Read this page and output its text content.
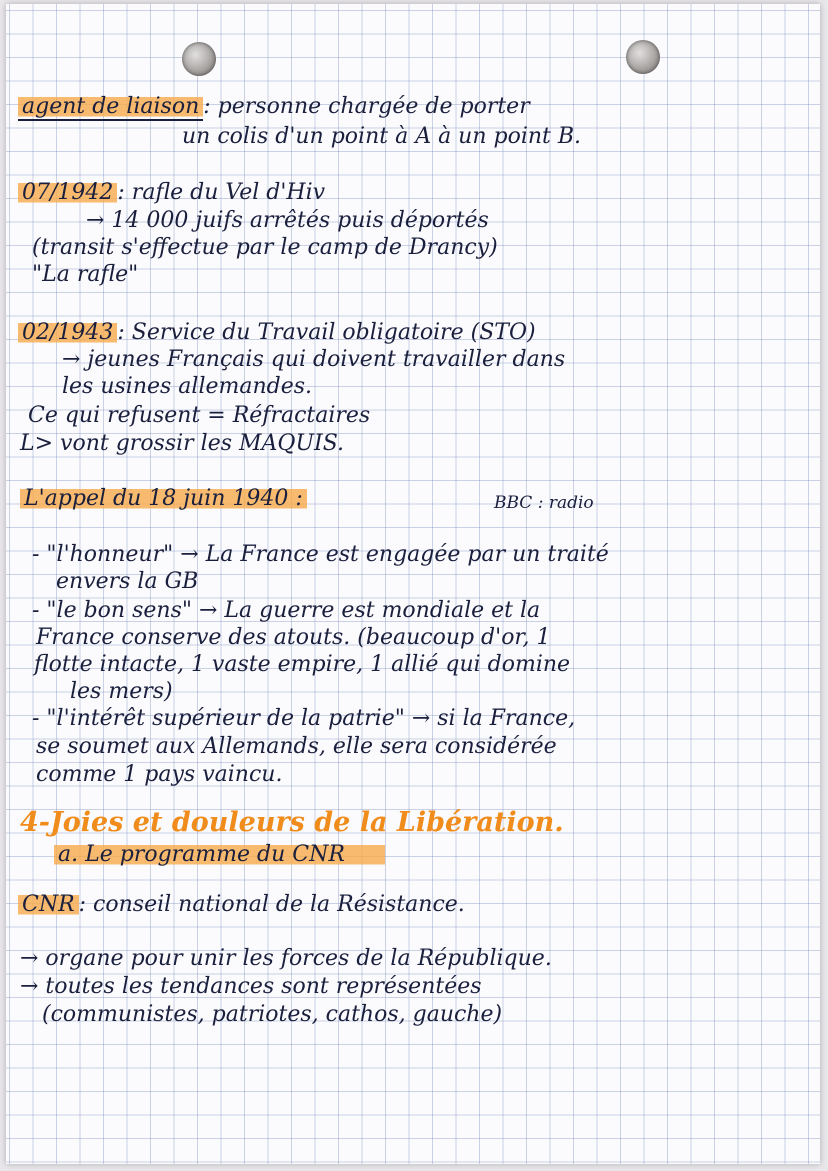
agent de liaison : personne chargée de porter
un colis d'un point à A à un point B.
07/1942 : rafle du Vel d'Hiv
→ 14 000 juifs arrêtés puis déportés
(transit s'effectue par le camp de Drancy)
"La rafle"
02/1943 : Service du Travail obligatoire (STO)
→ jeunes Français qui doivent travailler dans
les usines allemandes.
Ce qui refusent = Réfractaires
L> vont grossir les MAQUIS.
L'appel du 18 juin 1940 :	BBC : radio
- "l'honneur" → La France est engagée par un traité
envers la GB
- "le bon sens" → La guerre est mondiale et la
France conserve des atouts. (beaucoup d'or, 1
flotte intacte, 1 vaste empire, 1 allié qui domine
les mers)
- "l'intérêt supérieur de la patrie" → si la France,
se soumet aux Allemands, elle sera considérée
comme 1 pays vaincu.
4-Joies et douleurs de la Libération.
a. Le programme du CNR
CNR : conseil national de la Résistance.
→ organe pour unir les forces de la République.
→ toutes les tendances sont représentées
(communistes, patriotes, cathos, gauche)
